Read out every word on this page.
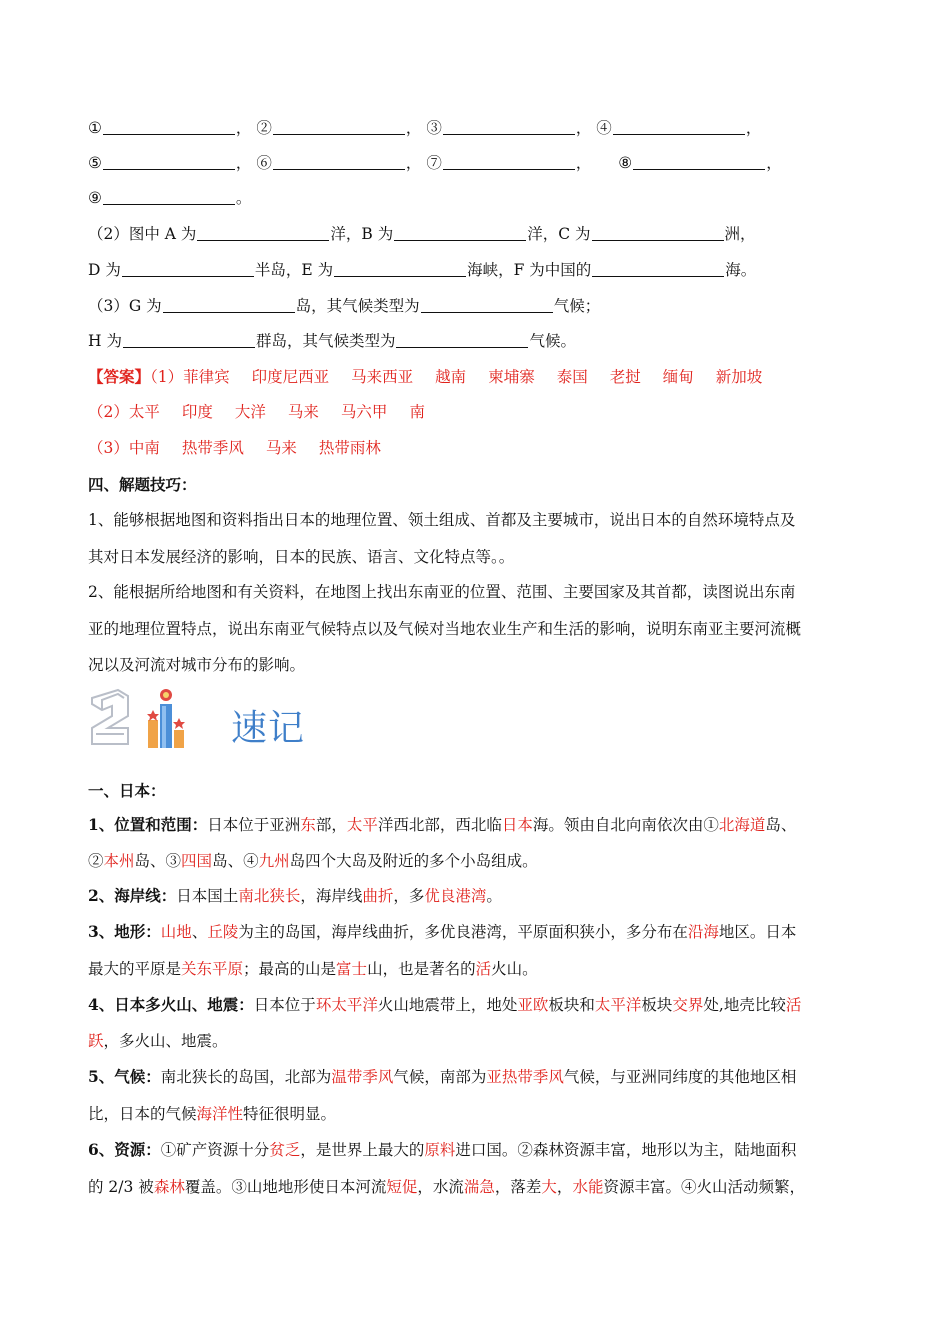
①	， ②	， ③	， ④	，
⑤	， ⑥	， ⑦	， ⑧	，
⑨	。
（2）图中 A 为	洋，B 为	洋，C 为	洲，
D 为	半岛，E 为	海峡，F 为中国的	海。
（3）G 为	岛，其气候类型为	气候；
H 为	群岛，其气候类型为	气候。
【答案】（1）菲律宾 印度尼西亚 马来西亚 越南 柬埔寨 泰国 老挝 缅甸 新加坡
（2）太平 印度 大洋 马来 马六甲 南
（3）中南 热带季风 马来 热带雨林
四、解题技巧：
1、能够根据地图和资料指出日本的地理位置、领土组成、首都及主要城市，说出日本的自然环境特点及
其对日本发展经济的影响，日本的民族、语言、文化特点等。。
2、能根据所给地图和有关资料，在地图上找出东南亚的位置、范围、主要国家及其首都，读图说出东南
亚的地理位置特点，说出东南亚气候特点以及气候对当地农业生产和生活的影响，说明东南亚主要河流概
况以及河流对城市分布的影响。
速记
一、日本：
1、位置和范围：日本位于亚洲东部，太平洋西北部，西北临日本海。领由自北向南依次由①北海道岛、
②本州岛、③四国岛、④九州岛四个大岛及附近的多个小岛组成。
2、海岸线：日本国土南北狭长，海岸线曲折，多优良港湾。
3、地形：山地、丘陵为主的岛国，海岸线曲折，多优良港湾，平原面积狭小，多分布在沿海地区。日本
最大的平原是关东平原；最高的山是富士山，也是著名的活火山。
4、日本多火山、地震：日本位于环太平洋火山地震带上，地处亚欧板块和太平洋板块交界处,地壳比较活
跃，多火山、地震。
5、气候：南北狭长的岛国，北部为温带季风气候，南部为亚热带季风气候，与亚洲同纬度的其他地区相
比，日本的气候海洋性特征很明显。
6、资源：①矿产资源十分贫乏，是世界上最大的原料进口国。②森林资源丰富，地形以为主，陆地面积
的 2/3 被森林覆盖。③山地地形使日本河流短促，水流湍急，落差大，水能资源丰富。④火山活动频繁，
